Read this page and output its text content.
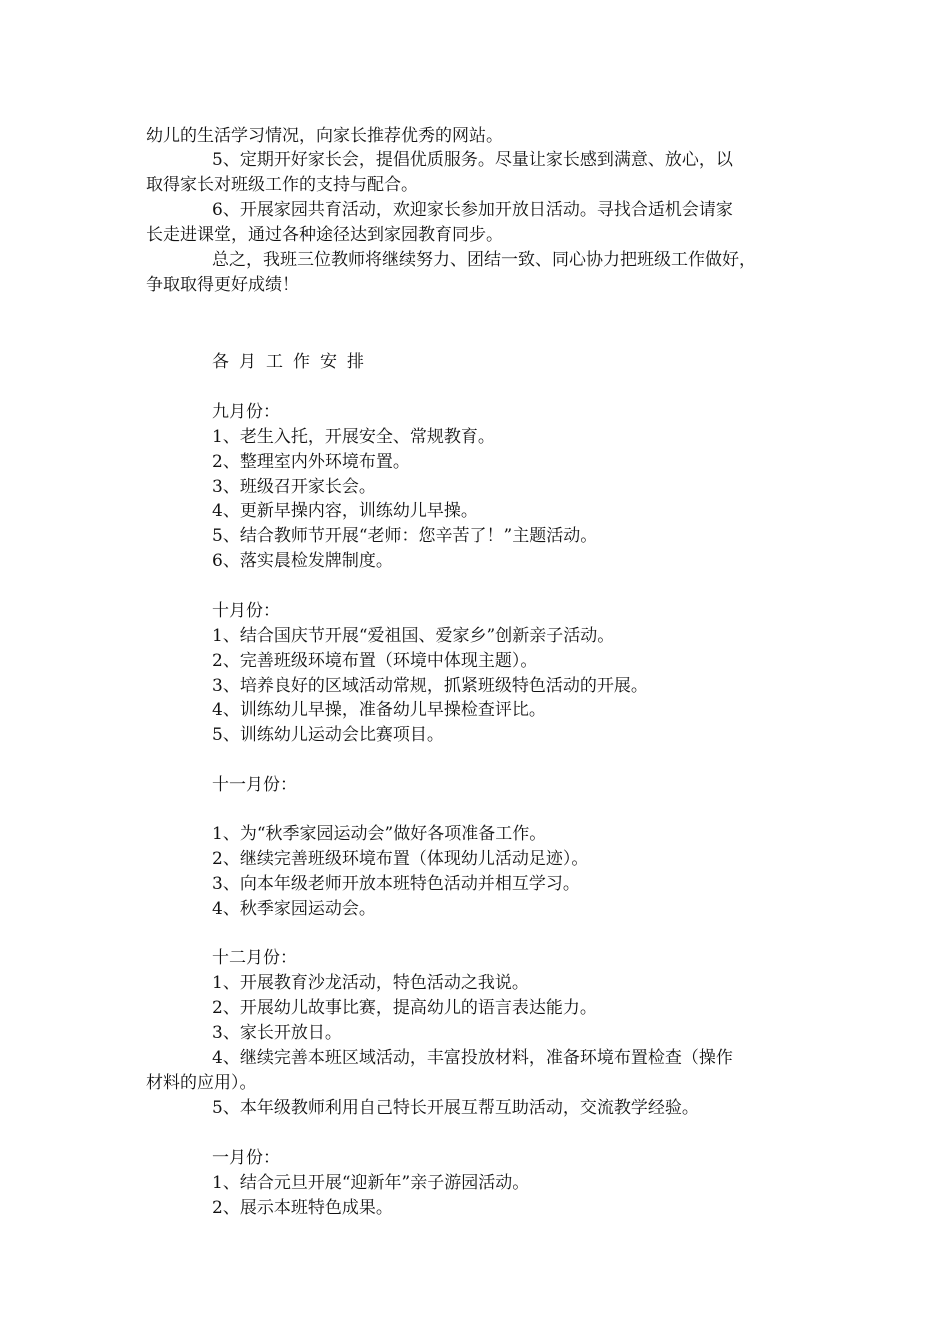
幼儿的生活学习情况，向家长推荐优秀的网站。

5、定期开好家长会，提倡优质服务。尽量让家长感到满意、放心，以

取得家长对班级工作的支持与配合。

6、开展家园共育活动，欢迎家长参加开放日活动。寻找合适机会请家

长走进课堂，通过各种途径达到家园教育同步。

总之，我班三位教师将继续努力、团结一致、同心协力把班级工作做好，

争取取得更好成绩！

各月工作安排

九月份：

1、老生入托，开展安全、常规教育。

2、整理室内外环境布置。

3、班级召开家长会。

4、更新早操内容，训练幼儿早操。

5、结合教师节开展“老师：您辛苦了！”主题活动。

6、落实晨检发牌制度。

十月份：

1、结合国庆节开展“爱祖国、爱家乡”创新亲子活动。

2、完善班级环境布置（环境中体现主题）。

3、培养良好的区域活动常规，抓紧班级特色活动的开展。

4、训练幼儿早操，准备幼儿早操检查评比。

5、训练幼儿运动会比赛项目。

十一月份：

1、为“秋季家园运动会”做好各项准备工作。

2、继续完善班级环境布置（体现幼儿活动足迹）。

3、向本年级老师开放本班特色活动并相互学习。

4、秋季家园运动会。

十二月份：

1、开展教育沙龙活动，特色活动之我说。

2、开展幼儿故事比赛，提高幼儿的语言表达能力。

3、家长开放日。

4、继续完善本班区域活动，丰富投放材料，准备环境布置检查（操作

材料的应用）。

5、本年级教师利用自己特长开展互帮互助活动，交流教学经验。

一月份：

1、结合元旦开展“迎新年”亲子游园活动。

2、展示本班特色成果。
